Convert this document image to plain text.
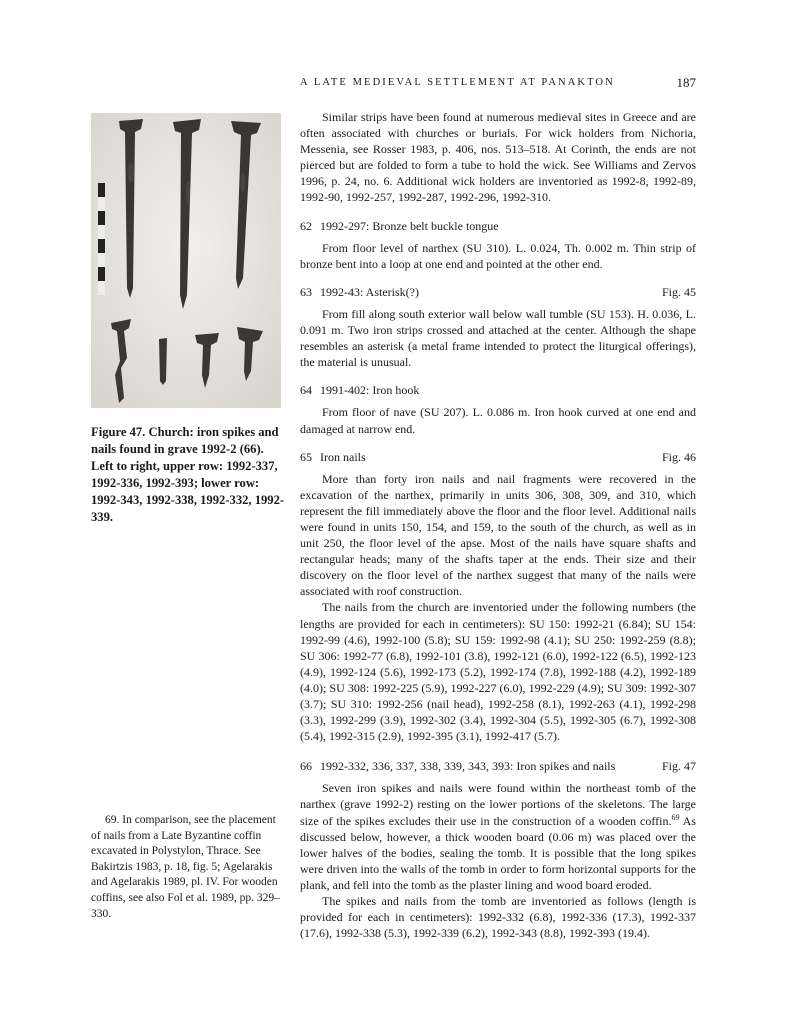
A LATE MEDIEVAL SETTLEMENT AT PANAKTON	187
Figure 47. Church: iron spikes and nails found in grave 1992-2 (66). Left to right, upper row: 1992-337, 1992-336, 1992-393; lower row: 1992-343, 1992-338, 1992-332, 1992-339.

69. In comparison, see the placement of nails from a Late Byzantine coffin excavated in Polystylon, Thrace. See Bakirtzis 1983, p. 18, fig. 5; Agelarakis and Agelarakis 1989, pl. IV. For wooden coffins, see also Fol et al. 1989, pp. 329–330.

Similar strips have been found at numerous medieval sites in Greece and are often associated with churches or burials. For wick holders from Nichoria, Messenia, see Rosser 1983, p. 406, nos. 513–518. At Corinth, the ends are not pierced but are folded to form a tube to hold the wick. See Williams and Zervos 1996, p. 24, no. 6. Additional wick holders are inventoried as 1992-8, 1992-89, 1992-90, 1992-257, 1992-287, 1992-296, 1992-310.

62 1992-297: Bronze belt buckle tongue

From floor level of narthex (SU 310). L. 0.024, Th. 0.002 m. Thin strip of bronze bent into a loop at one end and pointed at the other end.

63 1992-43: Asterisk(?)	Fig. 45

From fill along south exterior wall below wall tumble (SU 153). H. 0.036, L. 0.091 m. Two iron strips crossed and attached at the center. Although the shape resembles an asterisk (a metal frame intended to protect the liturgical offerings), the material is unusual.

64 1991-402: Iron hook

From floor of nave (SU 207). L. 0.086 m. Iron hook curved at one end and damaged at narrow end.

65 Iron nails	Fig. 46

More than forty iron nails and nail fragments were recovered in the excavation of the narthex, primarily in units 306, 308, 309, and 310, which represent the fill immediately above the floor and the floor level. Additional nails were found in units 150, 154, and 159, to the south of the church, as well as in unit 250, the floor level of the apse. Most of the nails have square shafts and rectangular heads; many of the shafts taper at the ends. Their size and their discovery on the floor level of the narthex suggest that many of the nails were associated with roof construction.

The nails from the church are inventoried under the following numbers (the lengths are provided for each in centimeters): SU 150: 1992-21 (6.84); SU 154: 1992-99 (4.6), 1992-100 (5.8); SU 159: 1992-98 (4.1); SU 250: 1992-259 (8.8); SU 306: 1992-77 (6.8), 1992-101 (3.8), 1992-121 (6.0), 1992-122 (6.5), 1992-123 (4.9), 1992-124 (5.6), 1992-173 (5.2), 1992-174 (7.8), 1992-188 (4.2), 1992-189 (4.0); SU 308: 1992-225 (5.9), 1992-227 (6.0), 1992-229 (4.9); SU 309: 1992-307 (3.7); SU 310: 1992-256 (nail head), 1992-258 (8.1), 1992-263 (4.1), 1992-298 (3.3), 1992-299 (3.9), 1992-302 (3.4), 1992-304 (5.5), 1992-305 (6.7), 1992-308 (5.4), 1992-315 (2.9), 1992-395 (3.1), 1992-417 (5.7).

66 1992-332, 336, 337, 338, 339, 343, 393: Iron spikes and nails	Fig. 47

Seven iron spikes and nails were found within the northeast tomb of the narthex (grave 1992-2) resting on the lower portions of the skeletons. The large size of the spikes excludes their use in the construction of a wooden coffin.$^{69}$ As discussed below, however, a thick wooden board (0.06 m) was placed over the lower halves of the bodies, sealing the tomb. It is possible that the long spikes were driven into the walls of the tomb in order to form horizontal supports for the plank, and fell into the tomb as the plaster lining and wood board eroded.

The spikes and nails from the tomb are inventoried as follows (length is provided for each in centimeters): 1992-332 (6.8), 1992-336 (17.3), 1992-337 (17.6), 1992-338 (5.3), 1992-339 (6.2), 1992-343 (8.8), 1992-393 (19.4).
